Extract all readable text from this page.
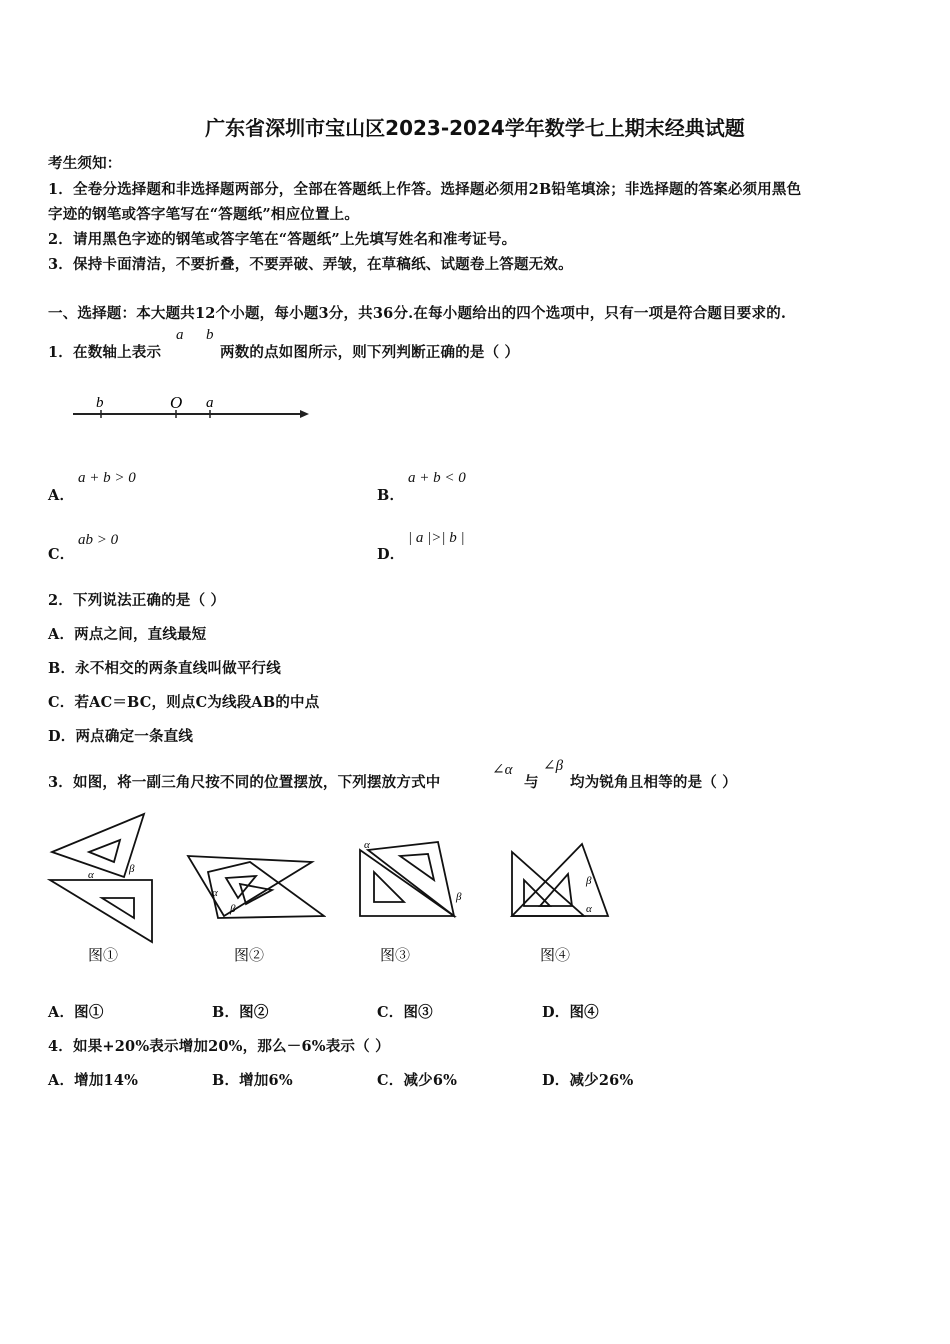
广东省深圳市宝山区2023-2024学年数学七上期末经典试题
考生须知：
1．全卷分选择题和非选择题两部分，全部在答题纸上作答。选择题必须用2B铅笔填涂；非选择题的答案必须用黑色
字迹的钢笔或答字笔写在“答题纸”相应位置上。
2．请用黑色字迹的钢笔或答字笔在“答题纸”上先填写姓名和准考证号。
3．保持卡面清洁，不要折叠，不要弄破、弄皱，在草稿纸、试题卷上答题无效。
一、选择题：本大题共12个小题，每小题3分，共36分.在每小题给出的四个选项中，只有一项是符合题目要求的.
1．在数轴上表示
a b
两数的点如图所示，则下列判断正确的是（ ）
b	O a
A．
a + b > 0
B．
a + b < 0
C．
ab > 0
D．
| a |>| b |
2．下列说法正确的是（ ）
A．两点之间，直线最短
B．永不相交的两条直线叫做平行线
C．若AC＝BC，则点C为线段AB的中点
D．两点确定一条直线
3．如图，将一副三角尺按不同的位置摆放，下列摆放方式中
∠α
与
∠β
均为锐角且相等的是（ ）
α	β
图①
α
β
图②
α
β
图③
β
α
图④
A．图①	B．图②	C．图③	D．图④
4．如果+20%表示增加20%，那么－6%表示（ ）
A．增加14%	B．增加6%	C．减少6%	D．减少26%
